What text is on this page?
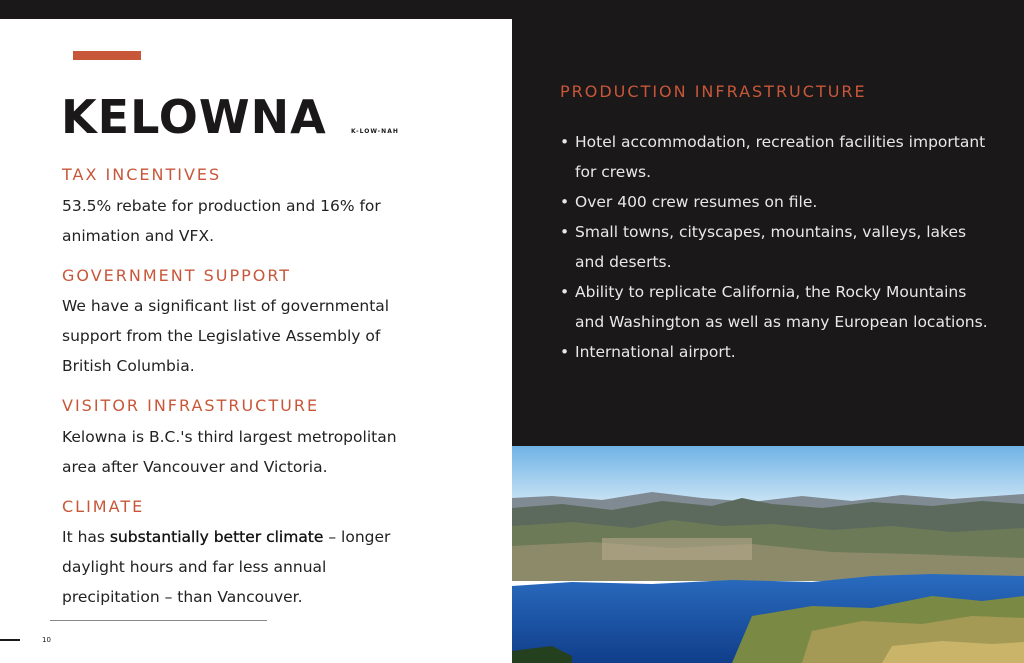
KELOWNA	K-LOW-NAH
TAX INCENTIVES
53.5% rebate for production and 16% for animation and VFX.
GOVERNMENT SUPPORT
We have a significant list of governmental support from the Legislative Assembly of British Columbia.
VISITOR INFRASTRUCTURE
Kelowna is B.C.'s third largest metropolitan area after Vancouver and Victoria.
CLIMATE
It has substantially better climate – longer daylight hours and far less annual precipitation – than Vancouver.
10
PRODUCTION INFRASTRUCTURE
• Hotel accommodation, recreation facilities important for crews.
• Over 400 crew resumes on file.
• Small towns, cityscapes, mountains, valleys, lakes and deserts.
• Ability to replicate California, the Rocky Mountains and Washington as well as many European locations.
• International airport.
